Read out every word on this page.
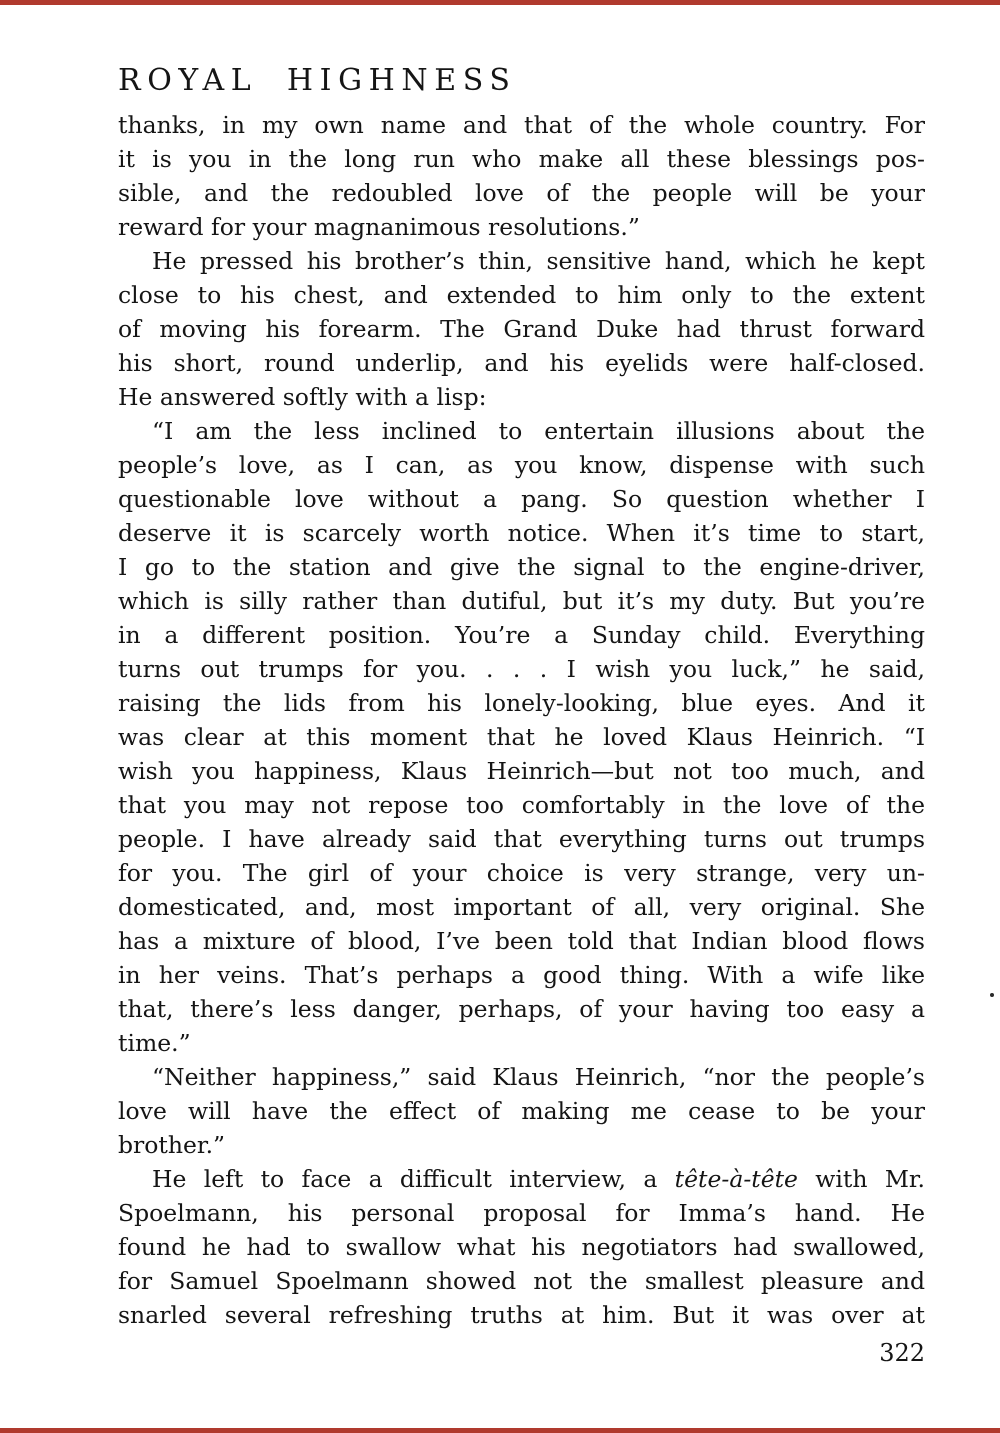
ROYAL HIGHNESS
thanks, in my own name and that of the whole country. For
it is you in the long run who make all these blessings pos-
sible, and the redoubled love of the people will be your
reward for your magnanimous resolutions.”
He pressed his brother’s thin, sensitive hand, which he kept
close to his chest, and extended to him only to the extent
of moving his forearm. The Grand Duke had thrust forward
his short, round underlip, and his eyelids were half-closed.
He answered softly with a lisp:
“I am the less inclined to entertain illusions about the
people’s love, as I can, as you know, dispense with such
questionable love without a pang. So question whether I
deserve it is scarcely worth notice. When it’s time to start,
I go to the station and give the signal to the engine-driver,
which is silly rather than dutiful, but it’s my duty. But you’re
in a different position. You’re a Sunday child. Everything
turns out trumps for you. . . . I wish you luck,” he said,
raising the lids from his lonely-looking, blue eyes. And it
was clear at this moment that he loved Klaus Heinrich. “I
wish you happiness, Klaus Heinrich—but not too much, and
that you may not repose too comfortably in the love of the
people. I have already said that everything turns out trumps
for you. The girl of your choice is very strange, very un-
domesticated, and, most important of all, very original. She
has a mixture of blood, I’ve been told that Indian blood flows
in her veins. That’s perhaps a good thing. With a wife like
that, there’s less danger, perhaps, of your having too easy a
time.”
“Neither happiness,” said Klaus Heinrich, “nor the people’s
love will have the effect of making me cease to be your
brother.”
He left to face a difficult interview, a tête-à-tête with Mr.
Spoelmann, his personal proposal for Imma’s hand. He
found he had to swallow what his negotiators had swallowed,
for Samuel Spoelmann showed not the smallest pleasure and
snarled several refreshing truths at him. But it was over at
322
